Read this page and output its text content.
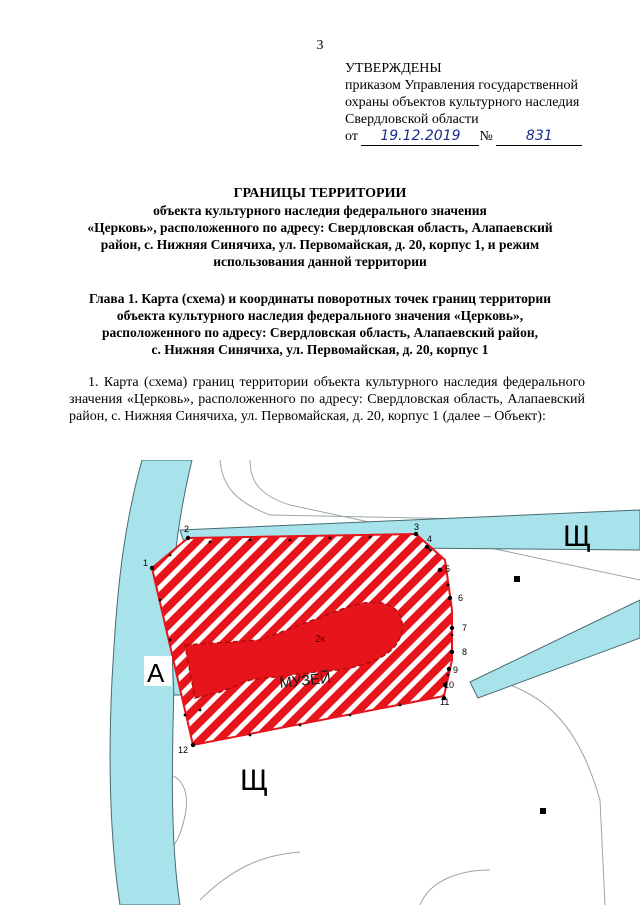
3
УТВЕРЖДЕНЫ
приказом Управления государственной
охраны объектов культурного наследия
Свердловской области
от 19.12.2019 № 831
ГРАНИЦЫ ТЕРРИТОРИИ
объекта культурного наследия федерального значения
«Церковь», расположенного по адресу: Свердловская область, Алапаевский
район, с. Нижняя Синячиха, ул. Первомайская, д. 20, корпус 1, и режим
использования данной территории
Глава 1. Карта (схема) и координаты поворотных точек границ территории
объекта культурного наследия федерального значения «Церковь»,
расположенного по адресу: Свердловская область, Алапаевский район,
с. Нижняя Синячиха, ул. Первомайская, д. 20, корпус 1
1. Карта (схема) границ территории объекта культурного наследия федерального значения «Церковь», расположенного по адресу: Свердловская область, Алапаевский район, с. Нижняя Синячиха, ул. Первомайская, д. 20, корпус 1 (далее – Объект):
1
2	3
4
5
6
7
8
9
10
11
12
Щ
Щ
А	МУЗЕЙ
2к
